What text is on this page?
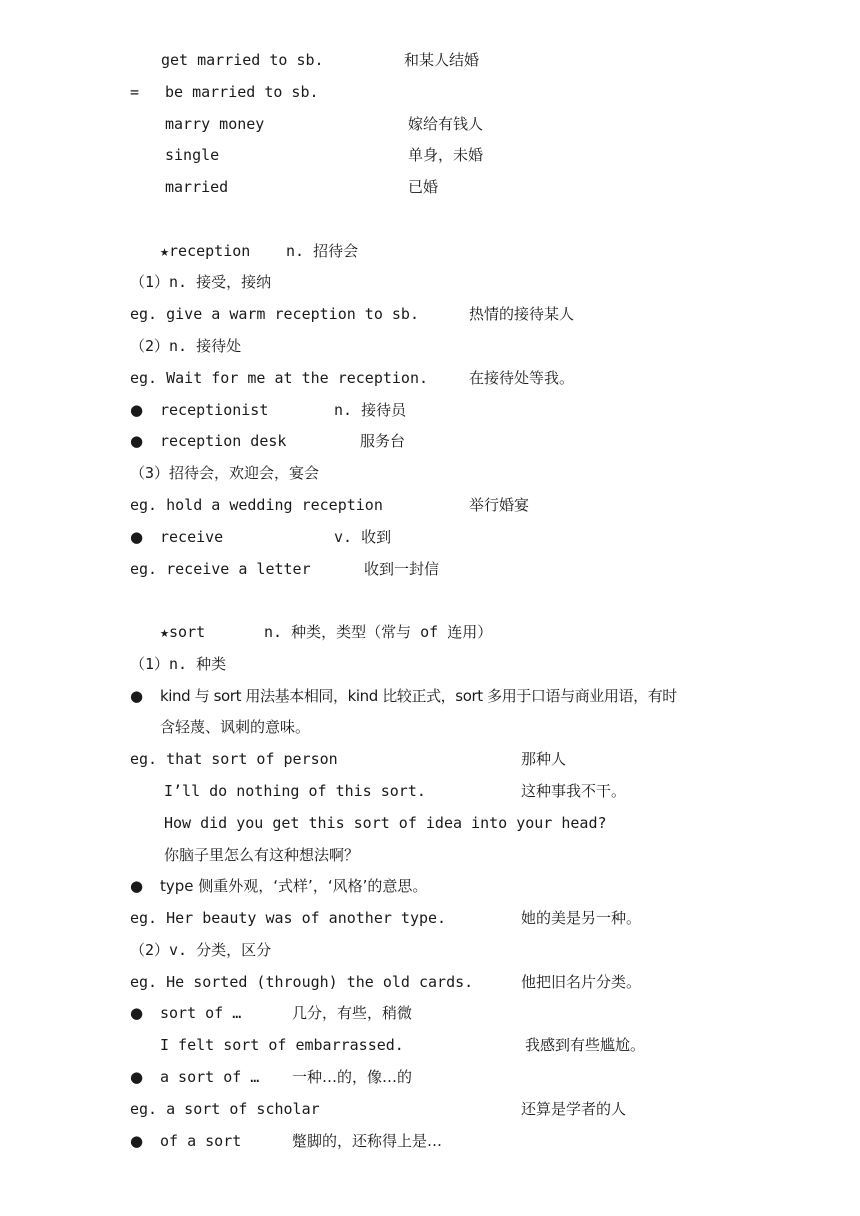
get married to sb.	和某人结婚
= be married to sb.
marry money	嫁给有钱人
single	单身，未婚
married	已婚
★reception n. 招待会
（1）n. 接受，接纳
eg. give a warm reception to sb.	热情的接待某人
（2）n. 接待处
eg. Wait for me at the reception.	在接待处等我。
● receptionist	n. 接待员
● reception desk	服务台
（3）招待会，欢迎会，宴会
eg. hold a wedding reception	举行婚宴
● receive	v. 收到
eg. receive a letter	收到一封信
★sort	n. 种类，类型（常与 of 连用）
（1）n. 种类
● kind 与 sort 用法基本相同，kind 比较正式，sort 多用于口语与商业用语，有时
含轻蔑、讽刺的意味。
eg. that sort of person	那种人
I’ll do nothing of this sort.	这种事我不干。
How did you get this sort of idea into your head?
你脑子里怎么有这种想法啊？
● type 侧重外观，‘式样’，‘风格’的意思。
eg. Her beauty was of another type.	她的美是另一种。
（2）v. 分类，区分
eg. He sorted (through) the old cards.	他把旧名片分类。
● sort of …	几分，有些，稍微
I felt sort of embarrassed.	我感到有些尴尬。
● a sort of … 一种…的，像…的
eg. a sort of scholar	还算是学者的人
● of a sort	蹩脚的，还称得上是…
